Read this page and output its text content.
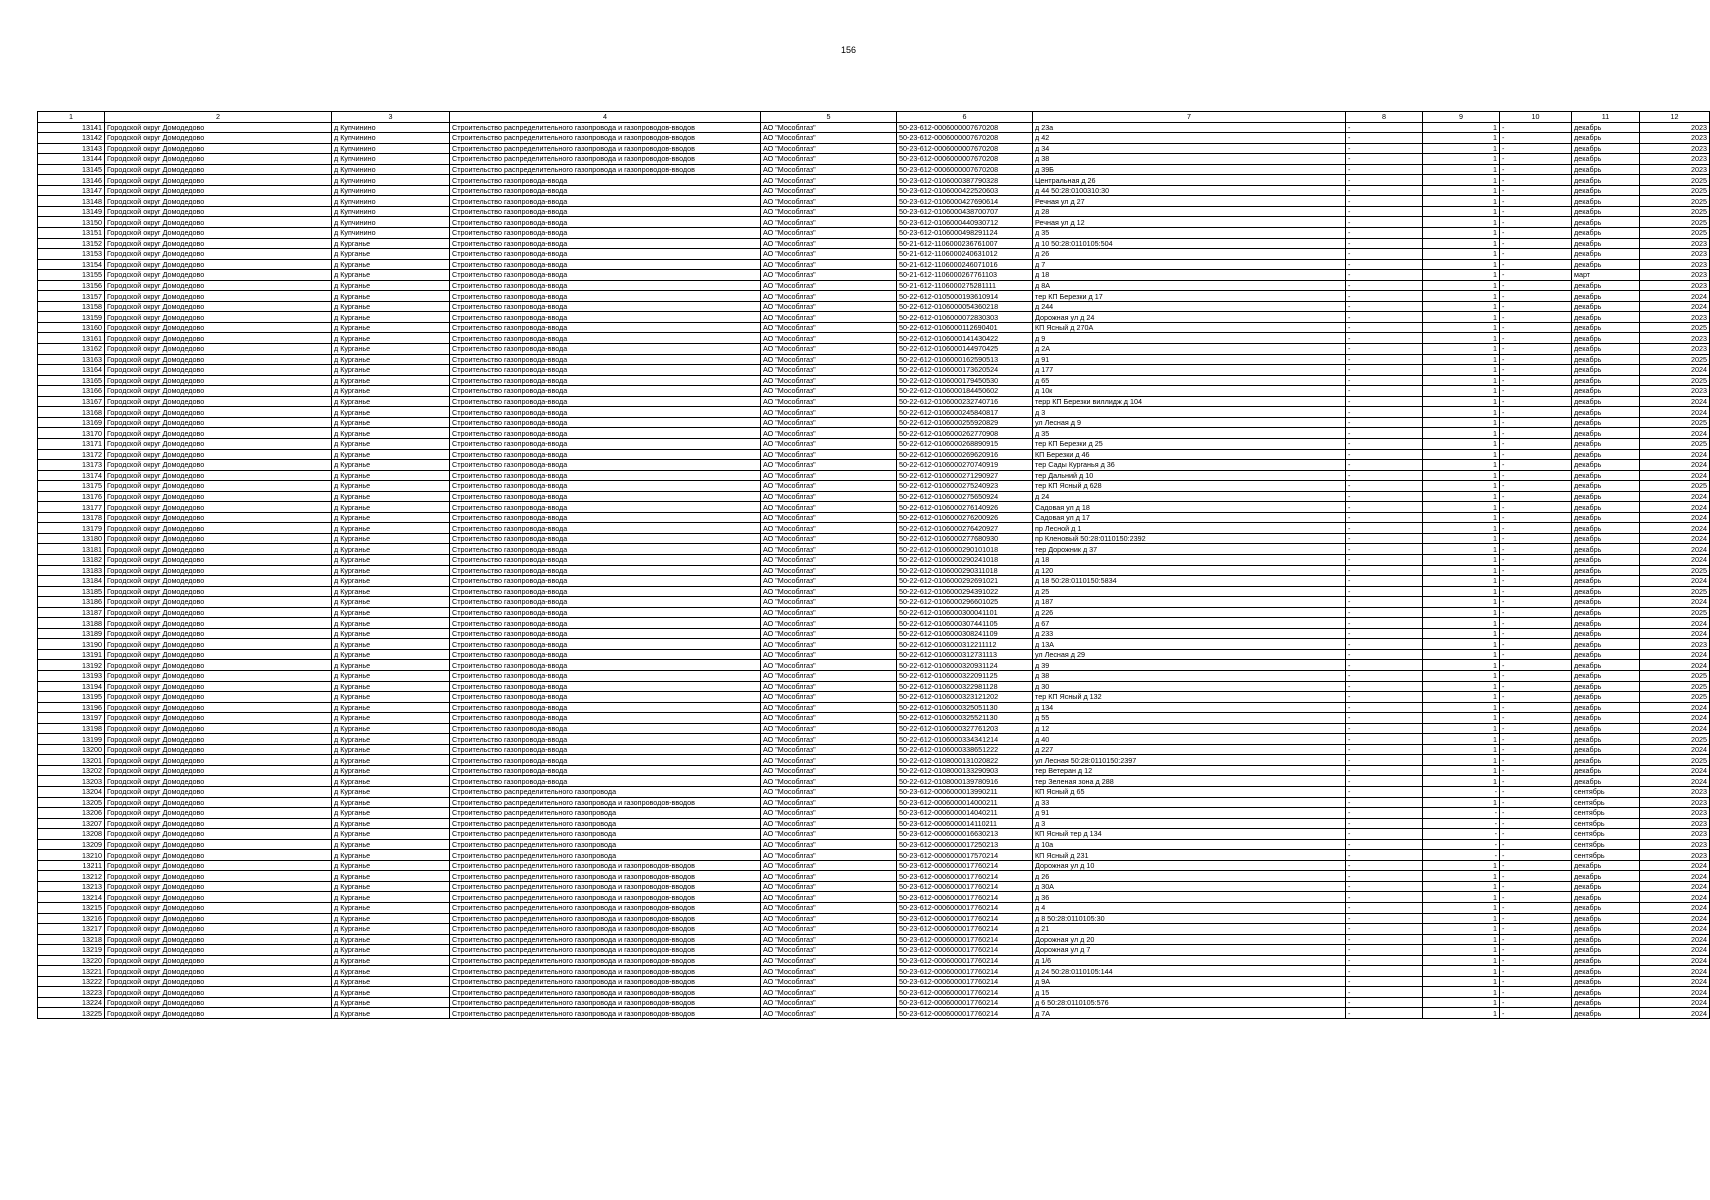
156
1	2	3	4	5	6	7	8	9	10	11	12
13141	Городской округ Домодедово	д Купчинино	Строительство распределительного газопровода и газопроводов-вводов	АО "Мособлгаз"	50-23-612-0006000007670208	д 23а	-	1	-	декабрь	2023
13142	Городской округ Домодедово	д Купчинино	Строительство распределительного газопровода и газопроводов-вводов	АО "Мособлгаз"	50-23-612-0006000007670208	д 42	-	1	-	декабрь	2023
13143	Городской округ Домодедово	д Купчинино	Строительство распределительного газопровода и газопроводов-вводов	АО "Мособлгаз"	50-23-612-0006000007670208	д 34	-	1	-	декабрь	2023
13144	Городской округ Домодедово	д Купчинино	Строительство распределительного газопровода и газопроводов-вводов	АО "Мособлгаз"	50-23-612-0006000007670208	д 38	-	1	-	декабрь	2023
13145	Городской округ Домодедово	д Купчинино	Строительство распределительного газопровода и газопроводов-вводов	АО "Мособлгаз"	50-23-612-0006000007670208	д 39Б	-	1	-	декабрь	2023
13146	Городской округ Домодедово	д Купчинино	Строительство газопровода-ввода	АО "Мособлгаз"	50-23-612-0106000387790328	Центральная д 26	-	1	-	декабрь	2025
13147	Городской округ Домодедово	д Купчинино	Строительство газопровода-ввода	АО "Мособлгаз"	50-23-612-0106000422520603	д 44 50:28:0100310:30	-	1	-	декабрь	2025
13148	Городской округ Домодедово	д Купчинино	Строительство газопровода-ввода	АО "Мособлгаз"	50-23-612-0106000427690614	Речная ул д 27	-	1	-	декабрь	2025
13149	Городской округ Домодедово	д Купчинино	Строительство газопровода-ввода	АО "Мособлгаз"	50-23-612-0106000438700707	д 28	-	1	-	декабрь	2025
13150	Городской округ Домодедово	д Купчинино	Строительство газопровода-ввода	АО "Мособлгаз"	50-23-612-0106000440930712	Речная ул д 12	-	1	-	декабрь	2025
13151	Городской округ Домодедово	д Купчинино	Строительство газопровода-ввода	АО "Мособлгаз"	50-23-612-0106000498291124	д 35	-	1	-	декабрь	2025
13152	Городской округ Домодедово	д Курганье	Строительство газопровода-ввода	АО "Мособлгаз"	50-21-612-1106000236761007	д 10 50:28:0110105:504	-	1	-	декабрь	2023
13153	Городской округ Домодедово	д Курганье	Строительство газопровода-ввода	АО "Мособлгаз"	50-21-612-1106000240631012	д 26	-	1	-	декабрь	2023
13154	Городской округ Домодедово	д Курганье	Строительство газопровода-ввода	АО "Мособлгаз"	50-21-612-1106000246071016	д 7	-	1	-	декабрь	2023
13155	Городской округ Домодедово	д Курганье	Строительство газопровода-ввода	АО "Мособлгаз"	50-21-612-1106000267761103	д 18	-	1	-	март	2023
13156	Городской округ Домодедово	д Курганье	Строительство газопровода-ввода	АО "Мособлгаз"	50-21-612-1106000275281111	д 8А	-	1	-	декабрь	2023
13157	Городской округ Домодедово	д Курганье	Строительство газопровода-ввода	АО "Мособлгаз"	50-22-612-0105000193610914	тер КП Березки д 17	-	1	-	декабрь	2024
13158	Городской округ Домодедово	д Курганье	Строительство газопровода-ввода	АО "Мособлгаз"	50-22-612-0106000054360218	д 244	-	1	-	декабрь	2024
13159	Городской округ Домодедово	д Курганье	Строительство газопровода-ввода	АО "Мособлгаз"	50-22-612-0106000072830303	Дорожная ул д 24	-	1	-	декабрь	2023
13160	Городской округ Домодедово	д Курганье	Строительство газопровода-ввода	АО "Мособлгаз"	50-22-612-0106000112690401	КП Ясный д 270А	-	1	-	декабрь	2025
13161	Городской округ Домодедово	д Курганье	Строительство газопровода-ввода	АО "Мособлгаз"	50-22-612-0106000141430422	д 9	-	1	-	декабрь	2023
13162	Городской округ Домодедово	д Курганье	Строительство газопровода-ввода	АО "Мособлгаз"	50-22-612-0106000144970425	д 2А	-	1	-	декабрь	2023
13163	Городской округ Домодедово	д Курганье	Строительство газопровода-ввода	АО "Мособлгаз"	50-22-612-0106000162590513	д 91	-	1	-	декабрь	2025
13164	Городской округ Домодедово	д Курганье	Строительство газопровода-ввода	АО "Мособлгаз"	50-22-612-0106000173620524	д 177	-	1	-	декабрь	2024
13165	Городской округ Домодедово	д Курганье	Строительство газопровода-ввода	АО "Мособлгаз"	50-22-612-0106000179450530	д 65	-	1	-	декабрь	2025
13166	Городской округ Домодедово	д Курганье	Строительство газопровода-ввода	АО "Мособлгаз"	50-22-612-0106000184450602	д 10к	-	1	-	декабрь	2023
13167	Городской округ Домодедово	д Курганье	Строительство газопровода-ввода	АО "Мособлгаз"	50-22-612-0106000232740716	терр КП Березки виллидж д 104	-	1	-	декабрь	2024
13168	Городской округ Домодедово	д Курганье	Строительство газопровода-ввода	АО "Мособлгаз"	50-22-612-0106000245840817	д 3	-	1	-	декабрь	2024
13169	Городской округ Домодедово	д Курганье	Строительство газопровода-ввода	АО "Мособлгаз"	50-22-612-0106000255920829	ул Лесная д 9	-	1	-	декабрь	2025
13170	Городской округ Домодедово	д Курганье	Строительство газопровода-ввода	АО "Мособлгаз"	50-22-612-0106000262770908	д 35	-	1	-	декабрь	2024
13171	Городской округ Домодедово	д Курганье	Строительство газопровода-ввода	АО "Мособлгаз"	50-22-612-0106000268890915	тер КП Березки д 25	-	1	-	декабрь	2025
13172	Городской округ Домодедово	д Курганье	Строительство газопровода-ввода	АО "Мособлгаз"	50-22-612-0106000269620916	КП Березки д 46	-	1	-	декабрь	2024
13173	Городской округ Домодедово	д Курганье	Строительство газопровода-ввода	АО "Мособлгаз"	50-22-612-0106000270740919	тер Сады Курганья д 36	-	1	-	декабрь	2024
13174	Городской округ Домодедово	д Курганье	Строительство газопровода-ввода	АО "Мособлгаз"	50-22-612-0106000271290927	тер Дальний д 10	-	1	-	декабрь	2024
13175	Городской округ Домодедово	д Курганье	Строительство газопровода-ввода	АО "Мособлгаз"	50-22-612-0106000275240923	тер КП Ясный д 628	-	1	-	декабрь	2025
13176	Городской округ Домодедово	д Курганье	Строительство газопровода-ввода	АО "Мособлгаз"	50-22-612-0106000275650924	д 24	-	1	-	декабрь	2024
13177	Городской округ Домодедово	д Курганье	Строительство газопровода-ввода	АО "Мособлгаз"	50-22-612-0106000276140926	Садовая ул д 18	-	1	-	декабрь	2024
13178	Городской округ Домодедово	д Курганье	Строительство газопровода-ввода	АО "Мособлгаз"	50-22-612-0106000276200926	Садовая ул д 17	-	1	-	декабрь	2024
13179	Городской округ Домодедово	д Курганье	Строительство газопровода-ввода	АО "Мособлгаз"	50-22-612-0106000276420927	пр Лесной д 1	-	1	-	декабрь	2024
13180	Городской округ Домодедово	д Курганье	Строительство газопровода-ввода	АО "Мособлгаз"	50-22-612-0106000277680930	пр Кленовый 50:28:0110150:2392	-	1	-	декабрь	2024
13181	Городской округ Домодедово	д Курганье	Строительство газопровода-ввода	АО "Мособлгаз"	50-22-612-0106000290101018	тер Дорожник д 37	-	1	-	декабрь	2024
13182	Городской округ Домодедово	д Курганье	Строительство газопровода-ввода	АО "Мособлгаз"	50-22-612-0106000290241018	д 18	-	1	-	декабрь	2024
13183	Городской округ Домодедово	д Курганье	Строительство газопровода-ввода	АО "Мособлгаз"	50-22-612-0106000290311018	д 120	-	1	-	декабрь	2025
13184	Городской округ Домодедово	д Курганье	Строительство газопровода-ввода	АО "Мособлгаз"	50-22-612-0106000292691021	д 18 50:28:0110150:5834	-	1	-	декабрь	2024
13185	Городской округ Домодедово	д Курганье	Строительство газопровода-ввода	АО "Мособлгаз"	50-22-612-0106000294391022	д 25	-	1	-	декабрь	2025
13186	Городской округ Домодедово	д Курганье	Строительство газопровода-ввода	АО "Мособлгаз"	50-22-612-0106000296601025	д 187	-	1	-	декабрь	2024
13187	Городской округ Домодедово	д Курганье	Строительство газопровода-ввода	АО "Мособлгаз"	50-22-612-0106000300041101	д 226	-	1	-	декабрь	2025
13188	Городской округ Домодедово	д Курганье	Строительство газопровода-ввода	АО "Мособлгаз"	50-22-612-0106000307441105	д 67	-	1	-	декабрь	2024
13189	Городской округ Домодедово	д Курганье	Строительство газопровода-ввода	АО "Мособлгаз"	50-22-612-0106000308241109	д 233	-	1	-	декабрь	2024
13190	Городской округ Домодедово	д Курганье	Строительство газопровода-ввода	АО "Мособлгаз"	50-22-612-0106000312211112	д 13А	-	1	-	декабрь	2023
13191	Городской округ Домодедово	д Курганье	Строительство газопровода-ввода	АО "Мособлгаз"	50-22-612-0106000312731113	ул Лесная д 29	-	1	-	декабрь	2024
13192	Городской округ Домодедово	д Курганье	Строительство газопровода-ввода	АО "Мособлгаз"	50-22-612-0106000320931124	д 39	-	1	-	декабрь	2024
13193	Городской округ Домодедово	д Курганье	Строительство газопровода-ввода	АО "Мособлгаз"	50-22-612-0106000322091125	д 38	-	1	-	декабрь	2025
13194	Городской округ Домодедово	д Курганье	Строительство газопровода-ввода	АО "Мособлгаз"	50-22-612-0106000322981128	д 30	-	1	-	декабрь	2025
13195	Городской округ Домодедово	д Курганье	Строительство газопровода-ввода	АО "Мособлгаз"	50-22-612-0106000323121202	тер КП Ясный д 132	-	1	-	декабрь	2025
13196	Городской округ Домодедово	д Курганье	Строительство газопровода-ввода	АО "Мособлгаз"	50-22-612-0106000325051130	д 134	-	1	-	декабрь	2024
13197	Городской округ Домодедово	д Курганье	Строительство газопровода-ввода	АО "Мособлгаз"	50-22-612-0106000325521130	д 55	-	1	-	декабрь	2024
13198	Городской округ Домодедово	д Курганье	Строительство газопровода-ввода	АО "Мособлгаз"	50-22-612-0106000327761203	д 12	-	1	-	декабрь	2024
13199	Городской округ Домодедово	д Курганье	Строительство газопровода-ввода	АО "Мособлгаз"	50-22-612-0106000334341214	д 40	-	1	-	декабрь	2025
13200	Городской округ Домодедово	д Курганье	Строительство газопровода-ввода	АО "Мособлгаз"	50-22-612-0106000338651222	д 227	-	1	-	декабрь	2024
13201	Городской округ Домодедово	д Курганье	Строительство газопровода-ввода	АО "Мособлгаз"	50-22-612-0108000131020822	ул Лесная 50:28:0110150:2397	-	1	-	декабрь	2025
13202	Городской округ Домодедово	д Курганье	Строительство газопровода-ввода	АО "Мособлгаз"	50-22-612-0108000133290903	тер Ветеран д 12	-	1	-	декабрь	2024
13203	Городской округ Домодедово	д Курганье	Строительство газопровода-ввода	АО "Мособлгаз"	50-22-612-0108000139780916	тер Зеленая зона д 288	-	1	-	декабрь	2024
13204	Городской округ Домодедово	д Курганье	Строительство распределительного газопровода	АО "Мособлгаз"	50-23-612-0006000013990211	КП Ясный д 65	-	-	-	сентябрь	2023
13205	Городской округ Домодедово	д Курганье	Строительство распределительного газопровода и газопроводов-вводов	АО "Мособлгаз"	50-23-612-0006000014000211	д 33	-	1	-	сентябрь	2023
13206	Городской округ Домодедово	д Курганье	Строительство распределительного газопровода	АО "Мособлгаз"	50-23-612-0006000014040211	д 91	-	-	-	сентябрь	2023
13207	Городской округ Домодедово	д Курганье	Строительство распределительного газопровода	АО "Мособлгаз"	50-23-612-0006000014110211	д 3	-	-	-	сентябрь	2023
13208	Городской округ Домодедово	д Курганье	Строительство распределительного газопровода	АО "Мособлгаз"	50-23-612-0006000016630213	КП Ясный тер д 134	-	-	-	сентябрь	2023
13209	Городской округ Домодедово	д Курганье	Строительство распределительного газопровода	АО "Мособлгаз"	50-23-612-0006000017250213	д 10а	-	-	-	сентябрь	2023
13210	Городской округ Домодедово	д Курганье	Строительство распределительного газопровода	АО "Мособлгаз"	50-23-612-0006000017570214	КП Ясный д 231	-	-	-	сентябрь	2023
13211	Городской округ Домодедово	д Курганье	Строительство распределительного газопровода и газопроводов-вводов	АО "Мособлгаз"	50-23-612-0006000017760214	Дорожная ул д 10	-	1	-	декабрь	2024
13212	Городской округ Домодедово	д Курганье	Строительство распределительного газопровода и газопроводов-вводов	АО "Мособлгаз"	50-23-612-0006000017760214	д 26	-	1	-	декабрь	2024
13213	Городской округ Домодедово	д Курганье	Строительство распределительного газопровода и газопроводов-вводов	АО "Мособлгаз"	50-23-612-0006000017760214	д 30А	-	1	-	декабрь	2024
13214	Городской округ Домодедово	д Курганье	Строительство распределительного газопровода и газопроводов-вводов	АО "Мособлгаз"	50-23-612-0006000017760214	д 36	-	1	-	декабрь	2024
13215	Городской округ Домодедово	д Курганье	Строительство распределительного газопровода и газопроводов-вводов	АО "Мособлгаз"	50-23-612-0006000017760214	д 4	-	1	-	декабрь	2024
13216	Городской округ Домодедово	д Курганье	Строительство распределительного газопровода и газопроводов-вводов	АО "Мособлгаз"	50-23-612-0006000017760214	д 8 50:28:0110105:30	-	1	-	декабрь	2024
13217	Городской округ Домодедово	д Курганье	Строительство распределительного газопровода и газопроводов-вводов	АО "Мособлгаз"	50-23-612-0006000017760214	д 21	-	1	-	декабрь	2024
13218	Городской округ Домодедово	д Курганье	Строительство распределительного газопровода и газопроводов-вводов	АО "Мособлгаз"	50-23-612-0006000017760214	Дорожная ул д 20	-	1	-	декабрь	2024
13219	Городской округ Домодедово	д Курганье	Строительство распределительного газопровода и газопроводов-вводов	АО "Мособлгаз"	50-23-612-0006000017760214	Дорожная ул д 7	-	1	-	декабрь	2024
13220	Городской округ Домодедово	д Курганье	Строительство распределительного газопровода и газопроводов-вводов	АО "Мособлгаз"	50-23-612-0006000017760214	д 1/6	-	1	-	декабрь	2024
13221	Городской округ Домодедово	д Курганье	Строительство распределительного газопровода и газопроводов-вводов	АО "Мособлгаз"	50-23-612-0006000017760214	д 24 50:28:0110105:144	-	1	-	декабрь	2024
13222	Городской округ Домодедово	д Курганье	Строительство распределительного газопровода и газопроводов-вводов	АО "Мособлгаз"	50-23-612-0006000017760214	д 9А	-	1	-	декабрь	2024
13223	Городской округ Домодедово	д Курганье	Строительство распределительного газопровода и газопроводов-вводов	АО "Мособлгаз"	50-23-612-0006000017760214	д 15	-	1	-	декабрь	2024
13224	Городской округ Домодедово	д Курганье	Строительство распределительного газопровода и газопроводов-вводов	АО "Мособлгаз"	50-23-612-0006000017760214	д 6 50:28:0110105:576	-	1	-	декабрь	2024
13225	Городской округ Домодедово	д Курганье	Строительство распределительного газопровода и газопроводов-вводов	АО "Мособлгаз"	50-23-612-0006000017760214	д 7А	-	1	-	декабрь	2024
